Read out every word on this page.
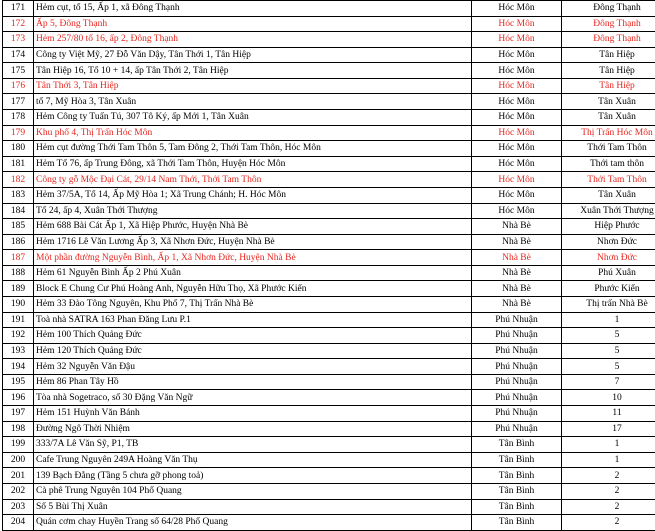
171	Hẻm cụt, tổ 15, Ấp 1, xã Đông Thạnh	Hóc Môn	Đông Thạnh
172	Ấp 5, Đông Thạnh	Hóc Môn	Đông Thạnh
173	Hẻm 257/80 tổ 16, ấp 2, Đông Thạnh	Hóc Môn	Đông Thạnh
174	Công ty Việt Mỹ, 27 Đỗ Văn Dậy, Tân Thới 1, Tân Hiệp	Hóc Môn	Tân Hiệp
175	Tân Hiệp 16, Tổ 10 + 14, ấp Tân Thới 2, Tân Hiệp	Hóc Môn	Tân Hiệp
176	Tân Thới 3, Tân Hiệp	Hóc Môn	Tân Hiệp
177	tổ 7, Mỹ Hòa 3, Tân Xuân	Hóc Môn	Tân Xuân
178	Hẻm Công ty Tuấn Tú, 307 Tô Ký, ấp Mới 1, Tân Xuân	Hóc Môn	Tân Xuân
179	Khu phố 4, Thị Trấn Hóc Môn	Hóc Môn	Thị Trấn Hóc Môn
180	Hẻm cụt đường Thới Tam Thôn 5, Tam Đông 2, Thới Tam Thôn, Hóc Môn	Hóc Môn	Thới Tam Thôn
181	Hẻm Tổ 76, ấp Trung Đông, xã Thới Tam Thôn, Huyện Hóc Môn	Hóc Môn	Thới tam thôn
182	Công ty gỗ Mộc Đại Cát, 29/14 Nam Thới, Thới Tam Thôn	Hóc Môn	Thới Tam Thôn
183	Hẻm 37/5A, Tổ 14, Ấp Mỹ Hòa 1; Xã Trung Chánh; H. Hóc Môn	Hóc Môn	Tân Xuân
184	Tổ 24, ấp 4, Xuân Thới Thượng	Hóc Môn	Xuân Thới Thượng
185	Hẻm 688 Bài Cát Ấp 1, Xã Hiệp Phước, Huyện Nhà Bè	Nhà Bè	Hiệp Phước
186	Hẻm 1716 Lê Văn Lương Ấp 3, Xã Nhơn Đức, Huyện Nhà Bè	Nhà Bè	Nhơn Đức
187	Một phần đường Nguyễn Bình, Ấp 1, Xã Nhơn Đức, Huyện Nhà Bè	Nhà Bè	Nhơn Đức
188	Hẻm 61 Nguyễn Bình Ấp 2 Phú Xuân	Nhà Bè	Phú Xuân
189	Block E Chung Cư Phú Hoàng Anh, Nguyễn Hữu Thọ, Xã Phước Kiển	Nhà Bè	Phước Kiển
190	Hẻm 33 Đào Tông Nguyên, Khu Phố 7, Thị Trấn Nhà Bè	Nhà Bè	Thị trấn Nhà Bè
191	Toà nhà SATRA 163 Phan Đăng Lưu P.1	Phú Nhuận	1
192	Hẻm 100 Thích Quảng Đức	Phú Nhuận	5
193	Hẻm 120 Thích Quảng Đức	Phú Nhuận	5
194	Hẻm 32 Nguyễn Văn Đậu	Phú Nhuận	5
195	Hẻm 86 Phan Tây Hồ	Phú Nhuận	7
196	Tòa nhà Sogetraco, số 30 Đặng Văn Ngữ	Phú Nhuận	10
197	Hẻm 151 Huỳnh Văn Bánh	Phú Nhuận	11
198	Đường Ngô Thời Nhiệm	Phú Nhuận	17
199	333/7A Lê Văn Sỹ, P1, TB	Tân Bình	1
200	Cafe Trung Nguyên 249A Hoàng Văn Thụ	Tân Bình	1
201	139 Bạch Đằng (Tầng 5 chưa gỡ phong toả)	Tân Bình	2
202	Cà phê Trung Nguyên 104 Phổ Quang	Tân Bình	2
203	Số 5 Bùi Thị Xuân	Tân Bình	2
204	Quán cơm chay Huyền Trang số 64/28 Phổ Quang	Tân Bình	2
